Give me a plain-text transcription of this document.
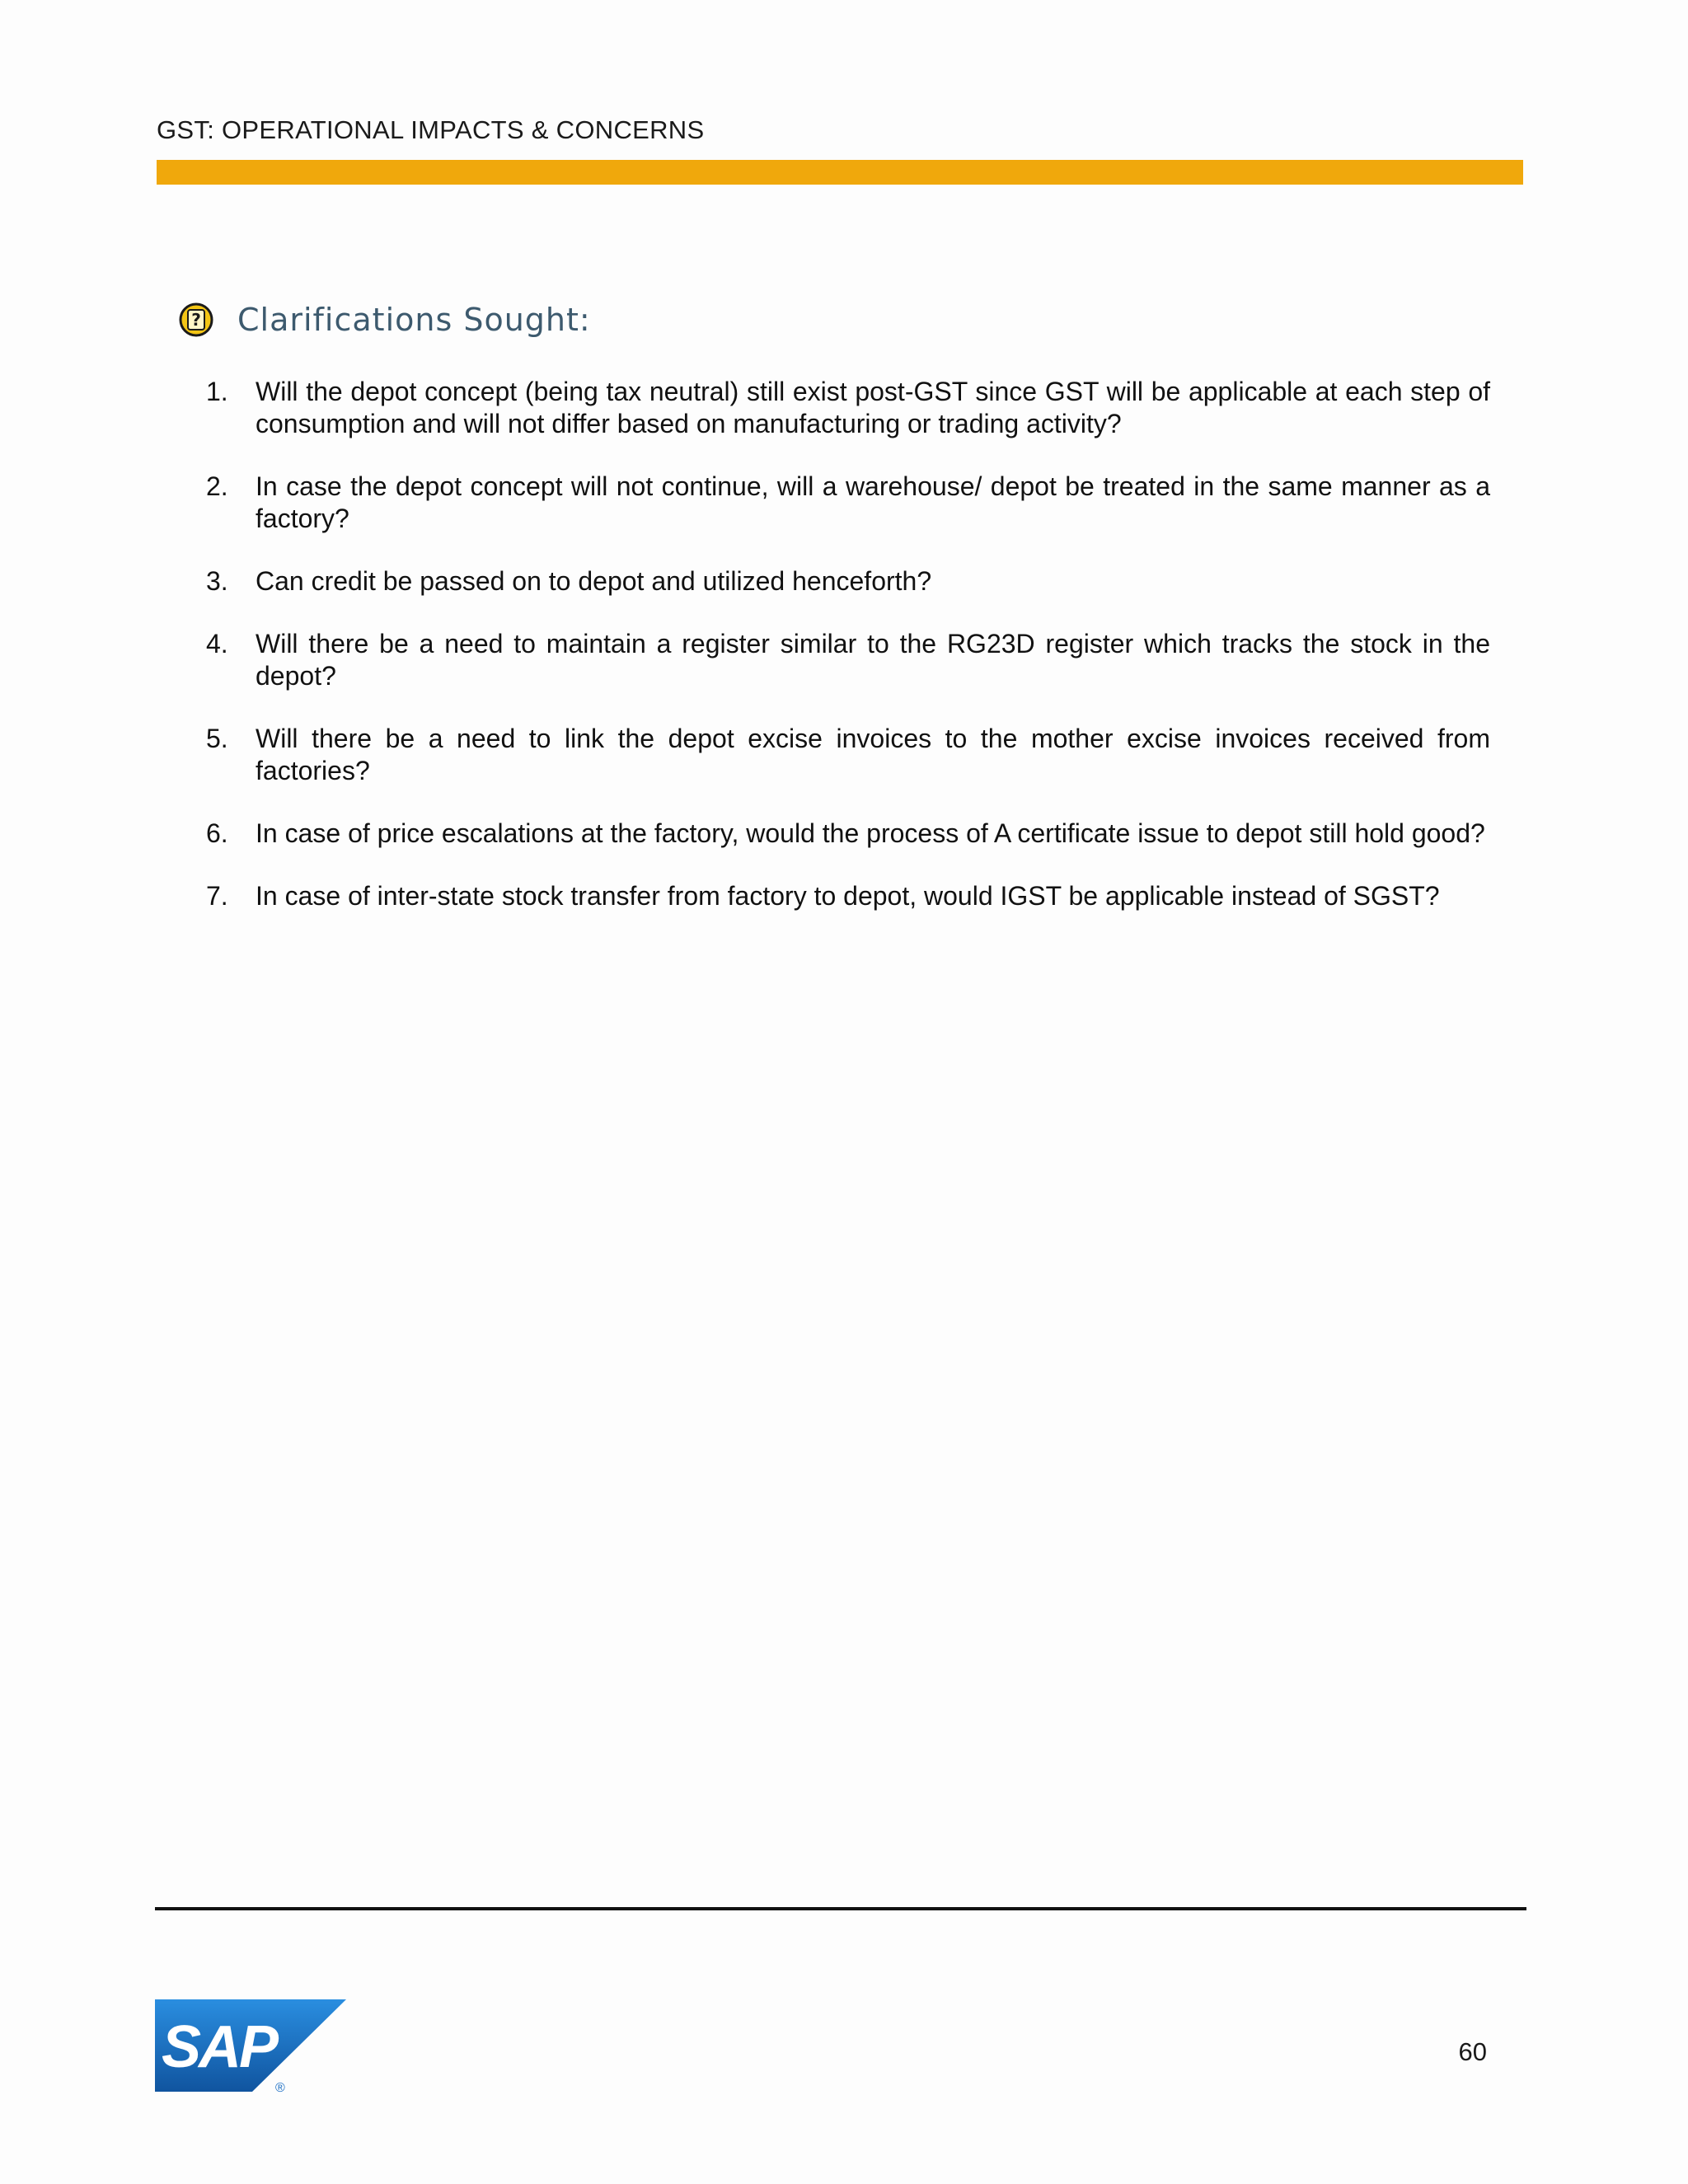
GST: OPERATIONAL IMPACTS & CONCERNS
? Clarifications Sought:
1.	Will the depot concept (being tax neutral) still exist post-GST since GST will be applicable at each step of consumption and will not differ based on manufacturing or trading activity?
2.	In case the depot concept will not continue, will a warehouse/ depot be treated in the same manner as a factory?
3.	Can credit be passed on to depot and utilized henceforth?
4.	Will there be a need to maintain a register similar to the RG23D register which tracks the stock in the depot?
5.	Will there be a need to link the depot excise invoices to the mother excise invoices received from factories?
6.	In case of price escalations at the factory, would the process of A certificate issue to depot still hold good?
7.	In case of inter-state stock transfer from factory to depot, would IGST be applicable instead of SGST?
SAP
®
60
